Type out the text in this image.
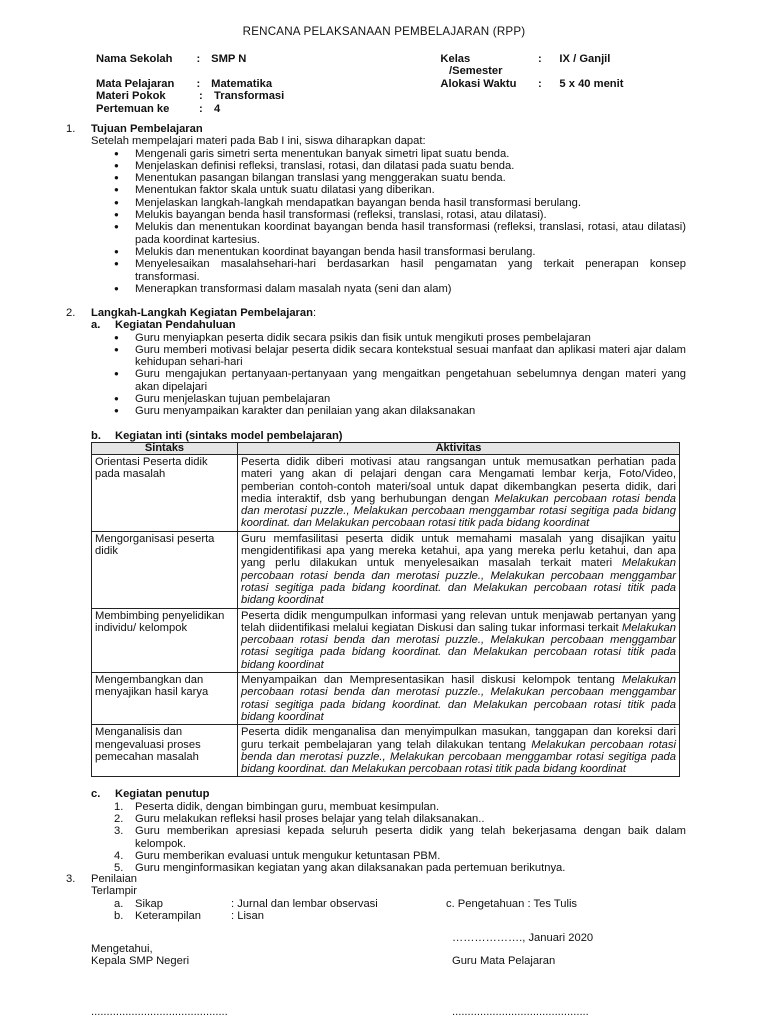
RENCANA PELAKSANAAN PEMBELAJARAN (RPP)
Nama Sekolah	: SMP N	Kelas	:	IX / Ganjil
/Semester
Mata Pelajaran	: Matematika	Alokasi Waktu	:	5 x 40 menit
Materi Pokok	:	Transformasi
Pertemuan ke	:	4
1.	Tujuan Pembelajaran
Setelah mempelajari materi pada Bab I ini, siswa diharapkan dapat:
● Mengenali garis simetri serta menentukan banyak simetri lipat suatu benda.
● Menjelaskan definisi refleksi, translasi, rotasi, dan dilatasi pada suatu benda.
● Menentukan pasangan bilangan translasi yang menggerakan suatu benda.
● Menentukan faktor skala untuk suatu dilatasi yang diberikan.
● Menjelaskan langkah-langkah mendapatkan bayangan benda hasil transformasi berulang.
● Melukis bayangan benda hasil transformasi (refleksi, translasi, rotasi, atau dilatasi).
● Melukis dan menentukan koordinat bayangan benda hasil transformasi (refleksi, translasi, rotasi, atau dilatasi) pada koordinat kartesius.
● Melukis dan menentukan koordinat bayangan benda hasil transformasi berulang.
● Menyelesaikan masalahsehari-hari berdasarkan hasil pengamatan yang terkait penerapan konsep transformasi.
● Menerapkan transformasi dalam masalah nyata (seni dan alam)
2.	Langkah-Langkah Kegiatan Pembelajaran:
a.	Kegiatan Pendahuluan
● Guru menyiapkan peserta didik secara psikis dan fisik untuk mengikuti proses pembelajaran
● Guru memberi motivasi belajar peserta didik secara kontekstual sesuai manfaat dan aplikasi materi ajar dalam kehidupan sehari-hari
● Guru mengajukan pertanyaan-pertanyaan yang mengaitkan pengetahuan sebelumnya dengan materi yang akan dipelajari
● Guru menjelaskan tujuan pembelajaran
● Guru menyampaikan karakter dan penilaian yang akan dilaksanakan
b.	Kegiatan inti (sintaks model pembelajaran)
Sintaks	Aktivitas
Orientasi Peserta didik pada masalah	Peserta didik diberi motivasi atau rangsangan untuk memusatkan perhatian pada materi yang akan di pelajari dengan cara Mengamati lembar kerja, Foto/Video, pemberian contoh-contoh materi/soal untuk dapat dikembangkan peserta didik, dari media interaktif, dsb yang berhubungan dengan Melakukan percobaan rotasi benda dan merotasi puzzle., Melakukan percobaan menggambar rotasi segitiga pada bidang koordinat. dan Melakukan percobaan rotasi titik pada bidang koordinat
Mengorganisasi peserta didik	Guru memfasilitasi peserta didik untuk memahami masalah yang disajikan yaitu mengidentifikasi apa yang mereka ketahui, apa yang mereka perlu ketahui, dan apa yang perlu dilakukan untuk menyelesaikan masalah terkait materi Melakukan percobaan rotasi benda dan merotasi puzzle., Melakukan percobaan menggambar rotasi segitiga pada bidang koordinat. dan Melakukan percobaan rotasi titik pada bidang koordinat
Membimbing penyelidikan individu/ kelompok	Peserta didik mengumpulkan informasi yang relevan untuk menjawab pertanyan yang telah diidentifikasi melalui kegiatan Diskusi dan saling tukar informasi terkait Melakukan percobaan rotasi benda dan merotasi puzzle., Melakukan percobaan menggambar rotasi segitiga pada bidang koordinat. dan Melakukan percobaan rotasi titik pada bidang koordinat
Mengembangkan dan menyajikan hasil karya	Menyampaikan dan Mempresentasikan hasil diskusi kelompok tentang Melakukan percobaan rotasi benda dan merotasi puzzle., Melakukan percobaan menggambar rotasi segitiga pada bidang koordinat. dan Melakukan percobaan rotasi titik pada bidang koordinat
Menganalisis dan mengevaluasi proses pemecahan masalah	Peserta didik menganalisa dan menyimpulkan masukan, tanggapan dan koreksi dari guru terkait pembelajaran yang telah dilakukan tentang Melakukan percobaan rotasi benda dan merotasi puzzle., Melakukan percobaan menggambar rotasi segitiga pada bidang koordinat. dan Melakukan percobaan rotasi titik pada bidang koordinat
c.	Kegiatan penutup
1. Peserta didik, dengan bimbingan guru, membuat kesimpulan.
2. Guru melakukan refleksi hasil proses belajar yang telah dilaksanakan..
3. Guru memberikan apresiasi kepada seluruh peserta didik yang telah bekerjasama dengan baik dalam kelompok.
4. Guru memberikan evaluasi untuk mengukur ketuntasan PBM.
5. Guru menginformasikan kegiatan yang akan dilaksanakan pada pertemuan berikutnya.
3.	Penilaian
Terlampir
a.	Sikap	: Jurnal dan lembar observasi	c. Pengetahuan : Tes Tulis
b.	Keterampilan	: Lisan
………………., Januari 2020
Mengetahui,
Kepala SMP Negeri	Guru Mata Pelajaran
............................................	............................................
